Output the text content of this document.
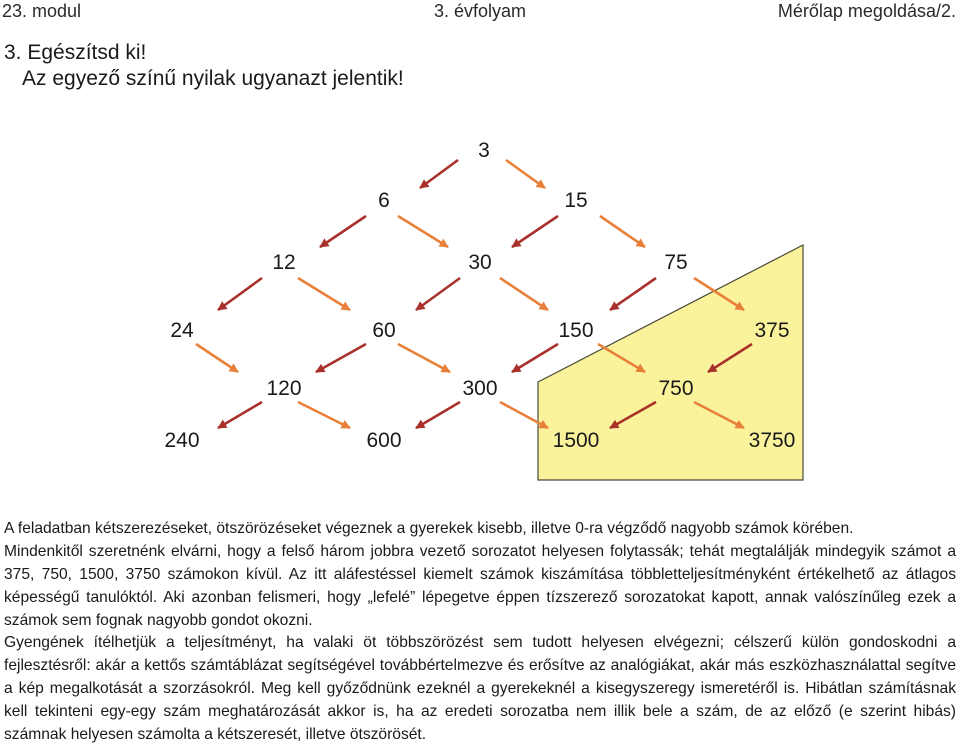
23. modul	3. évfolyam	Mérőlap megoldása/2.
3. Egészítsd ki!
Az egyező színű nyilak ugyanazt jelentik!
3
6	15
12	30	75
24	60	150	375
120	300	750
240	600	1500	3750

A feladatban kétszerezéseket, ötszörözéseket végeznek a gyerekek kisebb, illetve 0-ra végződő nagyobb számok körében.

Mindenkitől szeretnénk elvárni, hogy a felső három jobbra vezető sorozatot helyesen folytassák; tehát megtalálják mindegyik számot a 375, 750, 1500, 3750 számokon kívül. Az itt aláfestéssel kiemelt számok kiszámítása többletteljesítményként értékelhető az átlagos képességű tanulóktól. Aki azonban felismeri, hogy „lefelé” lépegetve éppen tízszerező sorozatokat kapott, annak valószínűleg ezek a számok sem fognak nagyobb gondot okozni.

Gyengének ítélhetjük a teljesítményt, ha valaki öt többszörözést sem tudott helyesen elvégezni; célszerű külön gondoskodni a fejlesztésről: akár a kettős számtáblázat segítségével továbbértelmezve és erősítve az analógiákat, akár más eszközhasználattal segítve a kép megalkotását a szorzásokról. Meg kell győződnünk ezeknél a gyerekeknél a kisegyszeregy ismeretéről is. Hibátlan számításnak kell tekinteni egy-egy szám meghatározását akkor is, ha az eredeti sorozatba nem illik bele a szám, de az előző (e szerint hibás) számnak helyesen számolta a kétszeresét, illetve ötszörösét.
